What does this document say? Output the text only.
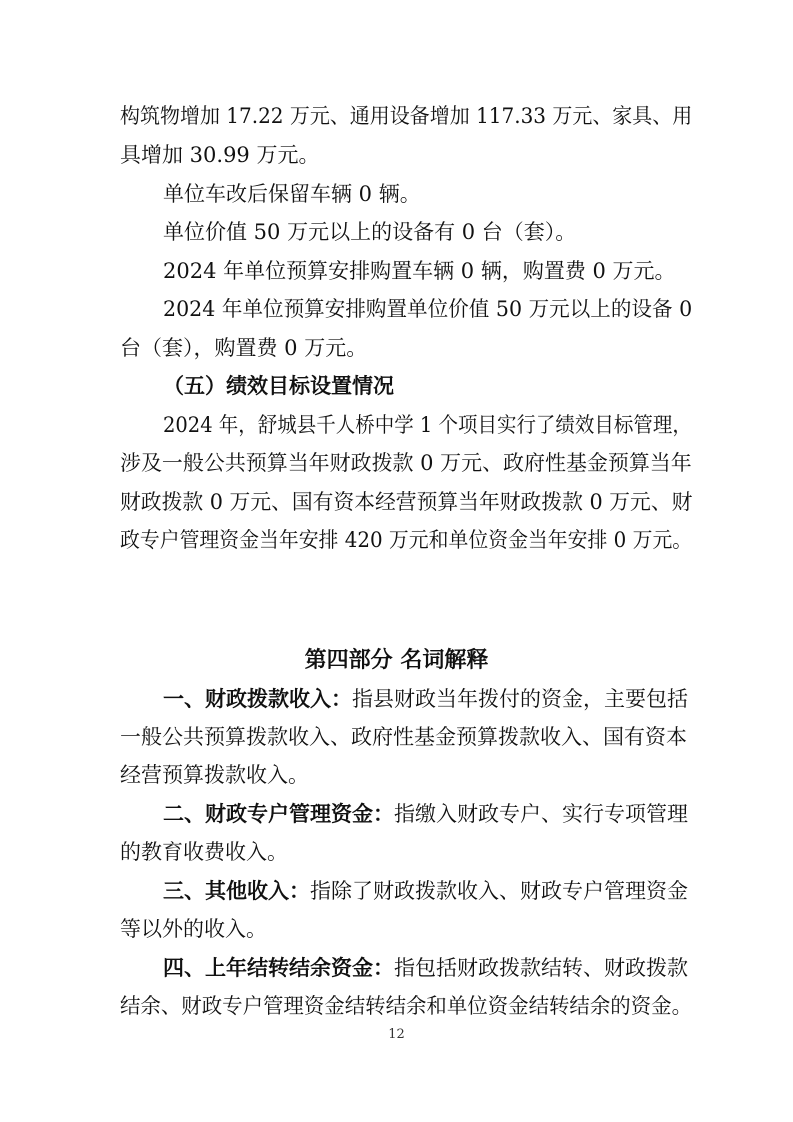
构筑物增加 17.22 万元、通用设备增加 117.33 万元、家具、用
具增加 30.99 万元。
单位车改后保留车辆 0 辆。
单位价值 50 万元以上的设备有 0 台（套）。
2024 年单位预算安排购置车辆 0 辆，购置费 0 万元。
2024 年单位预算安排购置单位价值 50 万元以上的设备 0
台（套），购置费 0 万元。
（五）绩效目标设置情况
2024 年，舒城县千人桥中学 1 个项目实行了绩效目标管理，
涉及一般公共预算当年财政拨款 0 万元、政府性基金预算当年
财政拨款 0 万元、国有资本经营预算当年财政拨款 0 万元、财
政专户管理资金当年安排 420 万元和单位资金当年安排 0 万元。
第四部分 名词解释
一、财政拨款收入：指县财政当年拨付的资金，主要包括
一般公共预算拨款收入、政府性基金预算拨款收入、国有资本
经营预算拨款收入。
二、财政专户管理资金：指缴入财政专户、实行专项管理
的教育收费收入。
三、其他收入：指除了财政拨款收入、财政专户管理资金
等以外的收入。
四、上年结转结余资金：指包括财政拨款结转、财政拨款
结余、财政专户管理资金结转结余和单位资金结转结余的资金。
12
